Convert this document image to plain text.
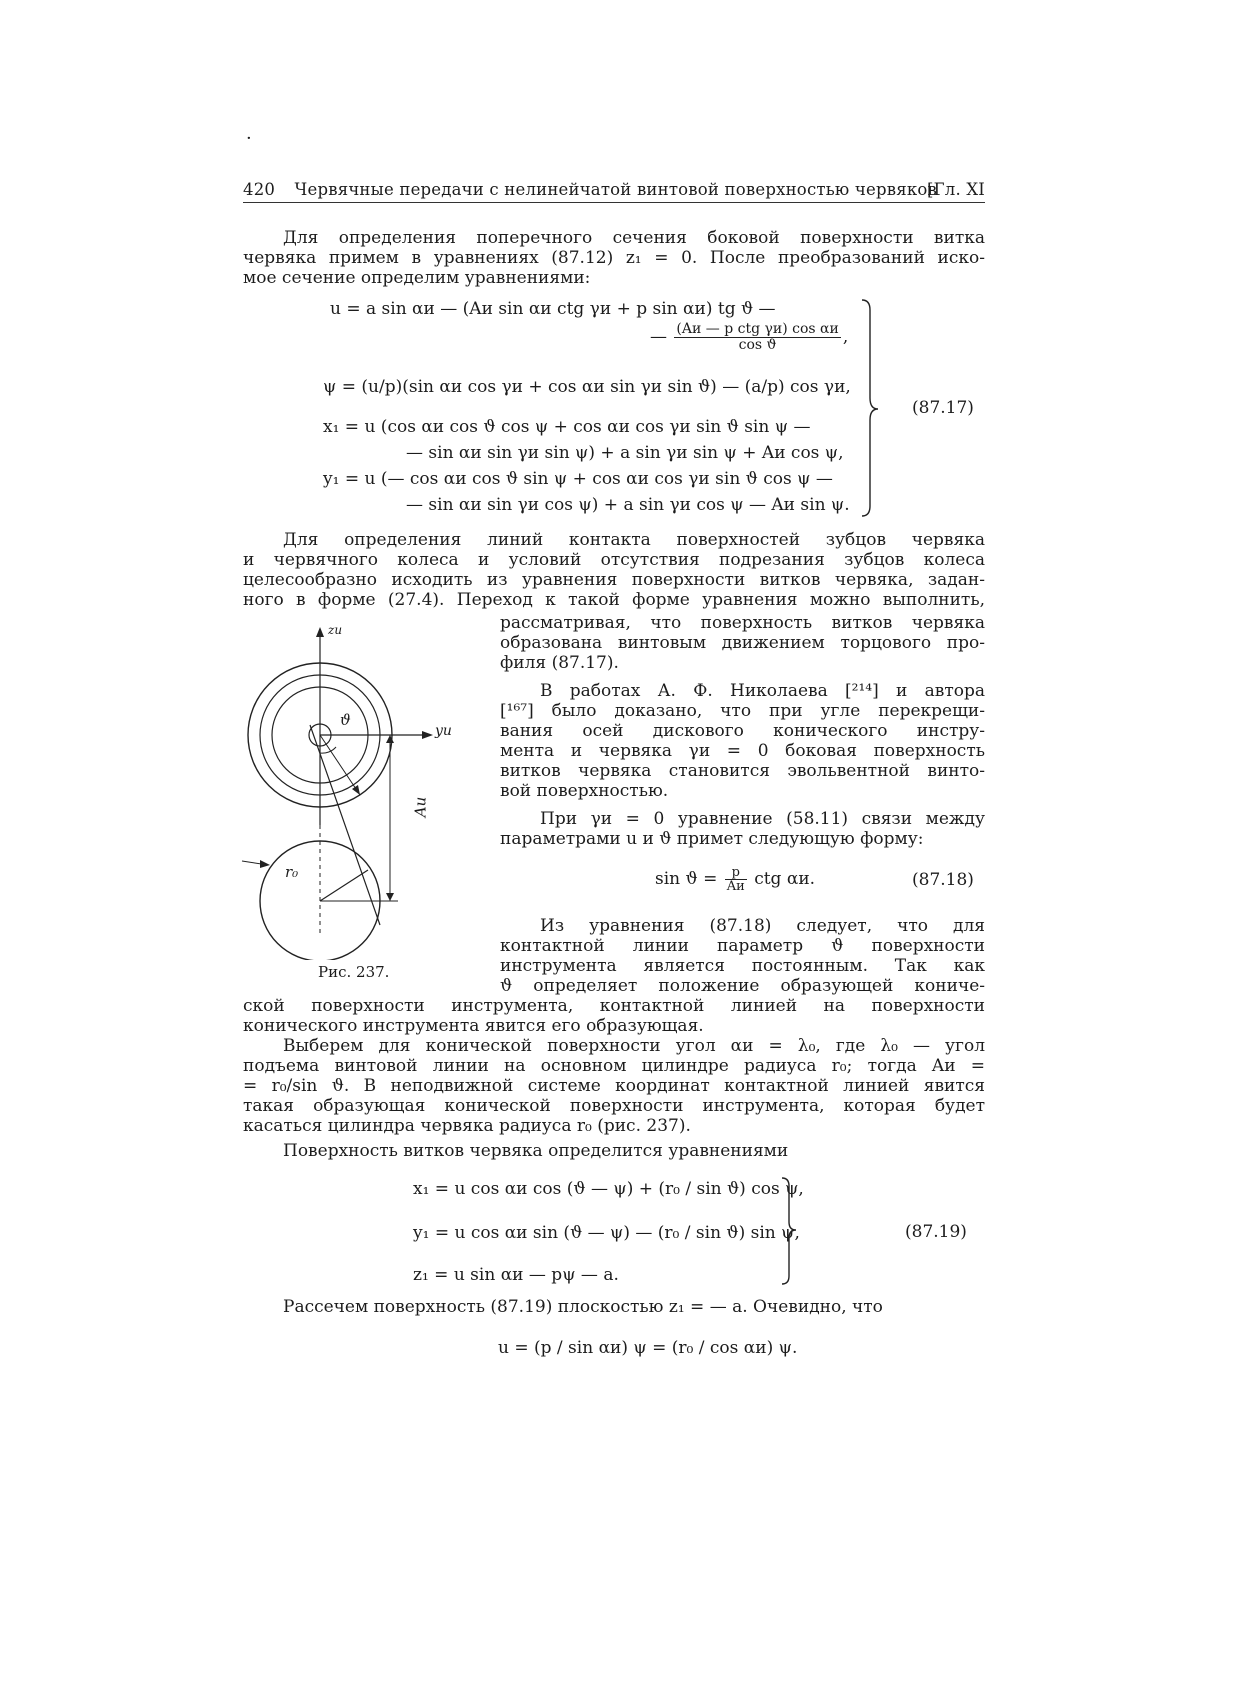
·
420 Червячные передачи с нелинейчатой винтовой поверхностью червяков
[Гл. XI
Для определения поперечного сечения боковой поверхности витка
червяка примем в уравнениях (87.12) z₁ = 0. После преобразований иско-
мое сечение определим уравнениями:
u = a sin αи — (Aи sin αи ctg γи + p sin αи) tg ϑ —
— $\frac{\text{(Aи — p ctg γи) cos αи}}{\text{cos ϑ}}$ ,
ψ = (u/p)(sin αи cos γи + cos αи sin γи sin ϑ) — (a/p) cos γи,
x₁ = u (cos αи cos ϑ cos ψ + cos αи cos γи sin ϑ sin ψ —
— sin αи sin γи sin ψ) + a sin γи sin ψ + Aи cos ψ,
y₁ = u (— cos αи cos ϑ sin ψ + cos αи cos γи sin ϑ cos ψ —
— sin αи sin γи cos ψ) + a sin γи cos ψ — Aи sin ψ.
(87.17)
Для определения линий контакта поверхностей зубцов червяка
и червячного колеса и условий отсутствия подрезания зубцов колеса
целесообразно исходить из уравнения поверхности витков червяка, задан-
ного в форме (27.4). Переход к такой форме уравнения можно выполнить,
рассматривая, что поверхность витков червяка
образована винтовым движением торцового про-
филя (87.17).
В работах А. Ф. Николаева [²¹⁴] и автора
[¹⁶⁷] было доказано, что при угле перекрещи-
вания осей дискового конического инстру-
мента и червяка γи = 0 боковая поверхность
витков червяка становится эвольвентной винто-
вой поверхностью.
При γи = 0 уравнение (58.11) связи между
параметрами u и ϑ примет следующую форму:
$\sin ϑ = \frac{p}{Aи}$ ctg αи.	(87.18)
Из уравнения (87.18) следует, что для
контактной линии параметр ϑ поверхности
инструмента является постоянным. Так как
ϑ определяет положение образующей кониче-
ской поверхности инструмента, контактной линией на поверхности
конического инструмента явится его образующая.
Выберем для конической поверхности угол αи = λ₀, где λ₀ — угол
подъема винтовой линии на основном цилиндре радиуса r₀; тогда Aи =
= r₀/sin ϑ. В неподвижной системе координат контактной линией явится
такая образующая конической поверхности инструмента, которая будет
касаться цилиндра червяка радиуса r₀ (рис. 237).
Поверхность витков червяка определится уравнениями
x₁ = u cos αи cos (ϑ — ψ) + (r₀ / sin ϑ) cos ψ,
y₁ = u cos αи sin (ϑ — ψ) — (r₀ / sin ϑ) sin ψ,
z₁ = u sin αи — pψ — a.
(87.19)
Рассечем поверхность (87.19) плоскостью z₁ = — a. Очевидно, что
u = (p / sin αи) ψ = (r₀ / cos αи) ψ.
zи
yи
ϑ
Aи
r₀
Рис. 237.
